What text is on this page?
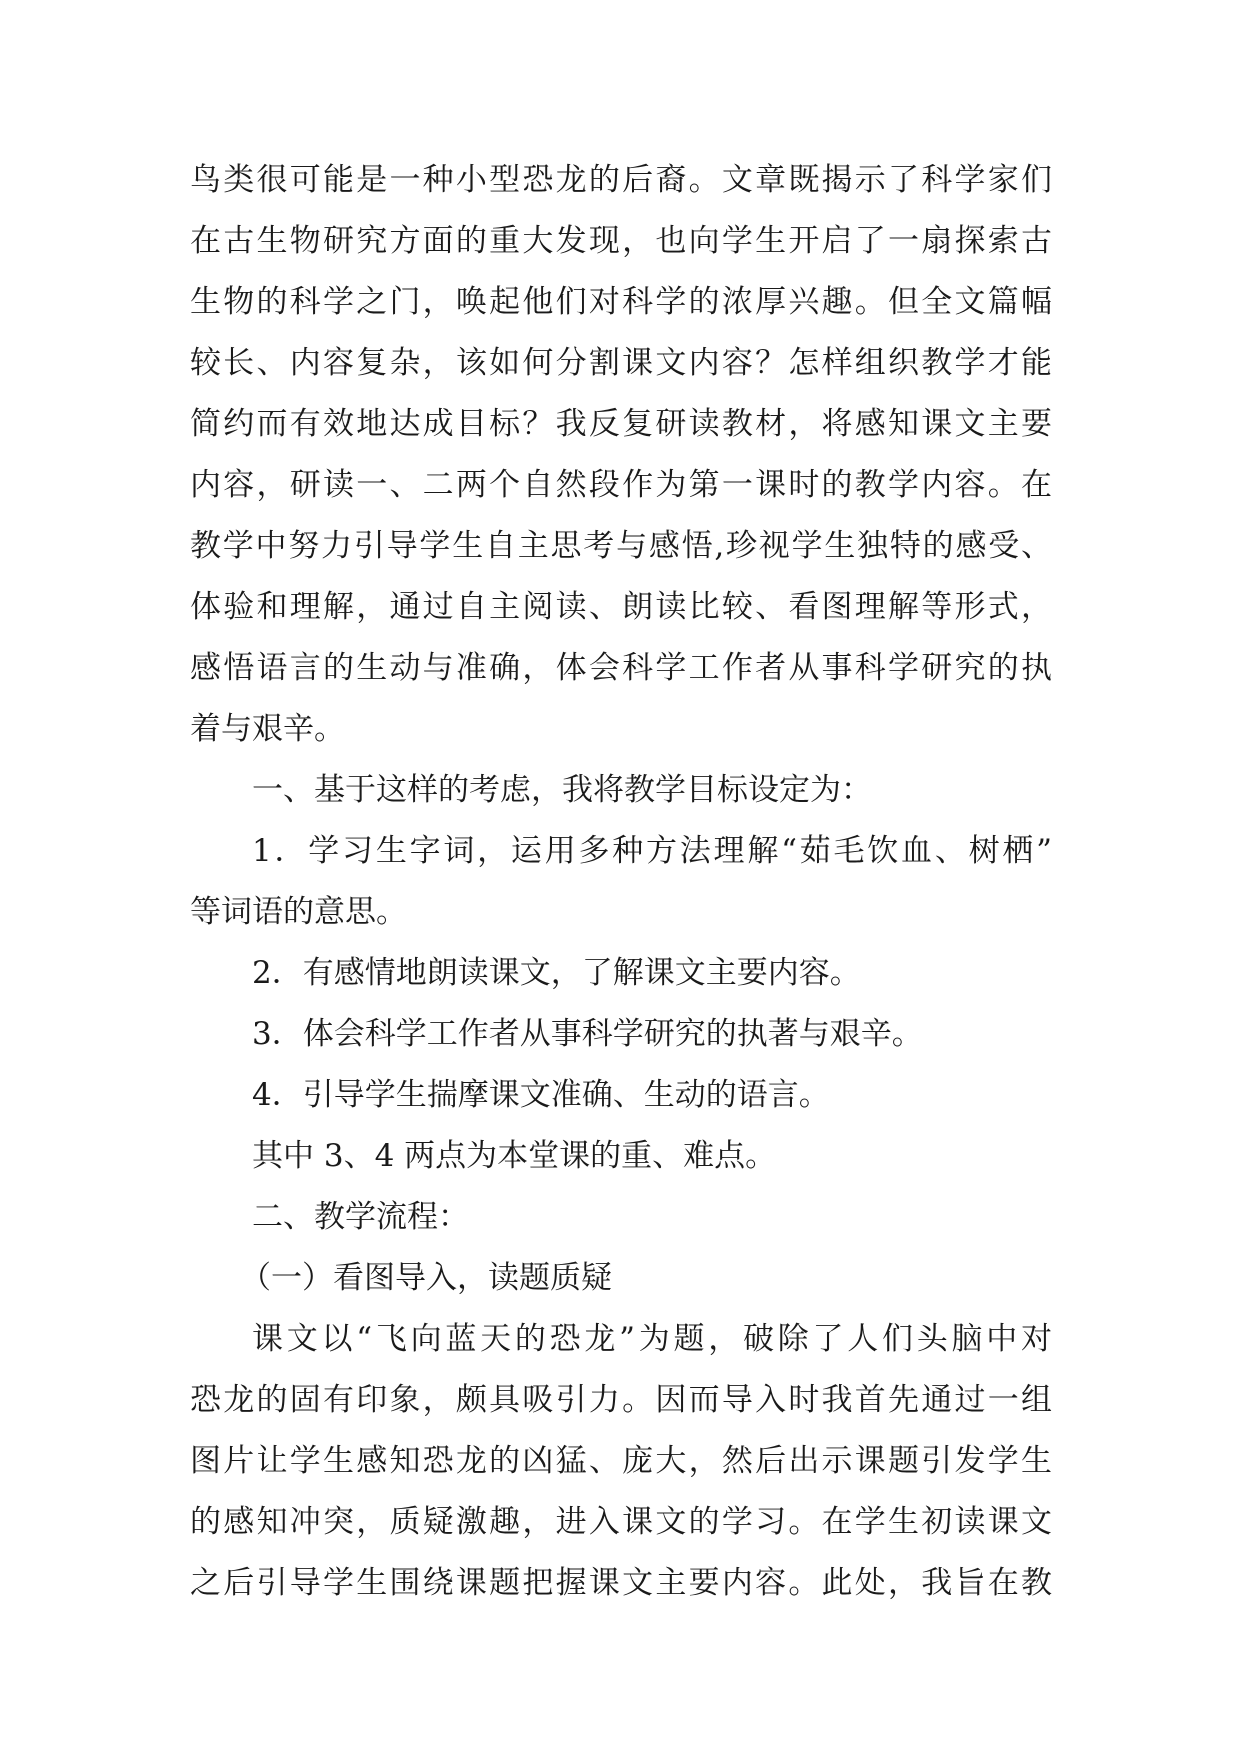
鸟类很可能是一种小型恐龙的后裔。文章既揭示了科学家们
在古生物研究方面的重大发现，也向学生开启了一扇探索古
生物的科学之门，唤起他们对科学的浓厚兴趣。但全文篇幅
较长、内容复杂，该如何分割课文内容？怎样组织教学才能
简约而有效地达成目标？我反复研读教材，将感知课文主要
内容，研读一、二两个自然段作为第一课时的教学内容。在
教学中努力引导学生自主思考与感悟,珍视学生独特的感受、
体验和理解，通过自主阅读、朗读比较、看图理解等形式，
感悟语言的生动与准确，体会科学工作者从事科学研究的执
着与艰辛。
一、基于这样的考虑，我将教学目标设定为：
1．学习生字词，运用多种方法理解“茹毛饮血、树栖”
等词语的意思。
2．有感情地朗读课文，了解课文主要内容。
3．体会科学工作者从事科学研究的执著与艰辛。
4．引导学生揣摩课文准确、生动的语言。
其中 3、4 两点为本堂课的重、难点。
二、教学流程：
（一）看图导入，读题质疑
课文以“飞向蓝天的恐龙”为题，破除了人们头脑中对
恐龙的固有印象，颇具吸引力。因而导入时我首先通过一组
图片让学生感知恐龙的凶猛、庞大，然后出示课题引发学生
的感知冲突，质疑激趣，进入课文的学习。在学生初读课文
之后引导学生围绕课题把握课文主要内容。此处，我旨在教
